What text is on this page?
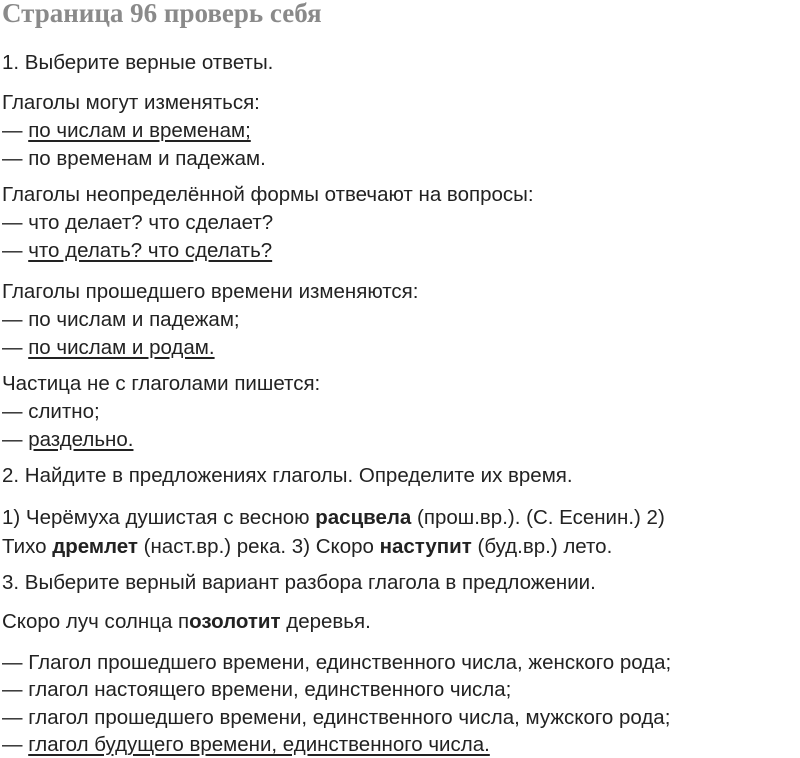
Страница 96 проверь себя
1. Выберите верные ответы.
Глаголы могут изменяться:
— по числам и временам;
— по временам и падежам.
Глаголы неопределённой формы отвечают на вопросы:
— что делает? что сделает?
— что делать? что сделать?
Глаголы прошедшего времени изменяются:
— по числам и падежам;
— по числам и родам.
Частица не с глаголами пишется:
— слитно;
— раздельно.
2. Найдите в предложениях глаголы. Определите их время.
1) Черёмуха душистая с весною расцвела (прош.вр.). (С. Есенин.) 2)
Тихо дремлет (наст.вр.) река. 3) Скоро наступит (буд.вр.) лето.
3. Выберите верный вариант разбора глагола в предложении.
Скоро луч солнца позолотит деревья.
— Глагол прошедшего времени, единственного числа, женского рода;
— глагол настоящего времени, единственного числа;
— глагол прошедшего времени, единственного числа, мужского рода;
— глагол будущего времени, единственного числа.
